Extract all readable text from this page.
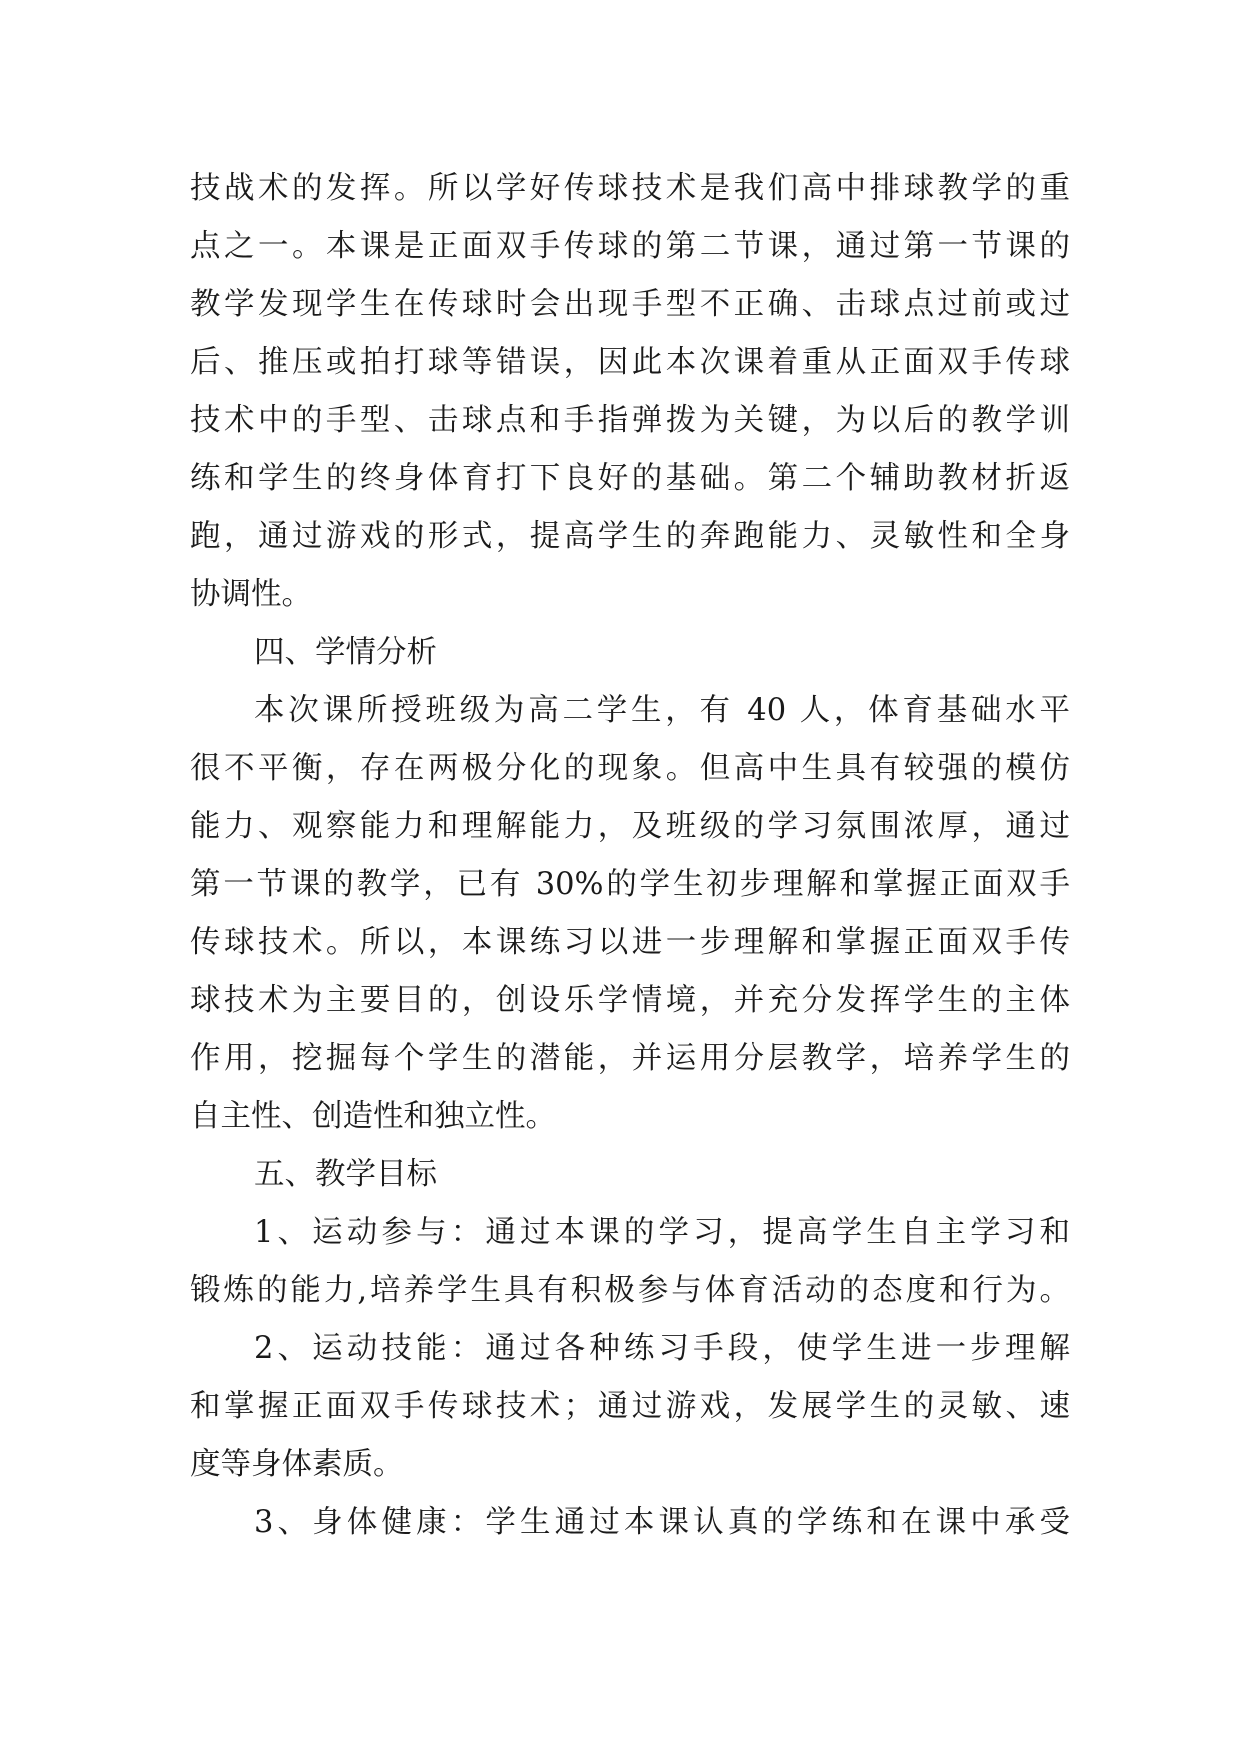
技战术的发挥。所以学好传球技术是我们高中排球教学的重
点之一。本课是正面双手传球的第二节课，通过第一节课的
教学发现学生在传球时会出现手型不正确、击球点过前或过
后、推压或拍打球等错误，因此本次课着重从正面双手传球
技术中的手型、击球点和手指弹拨为关键，为以后的教学训
练和学生的终身体育打下良好的基础。第二个辅助教材折返
跑，通过游戏的形式，提高学生的奔跑能力、灵敏性和全身
协调性。
四、学情分析
本次课所授班级为高二学生，有 40 人，体育基础水平
很不平衡，存在两极分化的现象。但高中生具有较强的模仿
能力、观察能力和理解能力，及班级的学习氛围浓厚，通过
第一节课的教学，已有 30%的学生初步理解和掌握正面双手
传球技术。所以，本课练习以进一步理解和掌握正面双手传
球技术为主要目的，创设乐学情境，并充分发挥学生的主体
作用，挖掘每个学生的潜能，并运用分层教学，培养学生的
自主性、创造性和独立性。
五、教学目标
1、运动参与：通过本课的学习，提高学生自主学习和
锻炼的能力,培养学生具有积极参与体育活动的态度和行为。
2、运动技能：通过各种练习手段，使学生进一步理解
和掌握正面双手传球技术；通过游戏，发展学生的灵敏、速
度等身体素质。
3、身体健康：学生通过本课认真的学练和在课中承受
